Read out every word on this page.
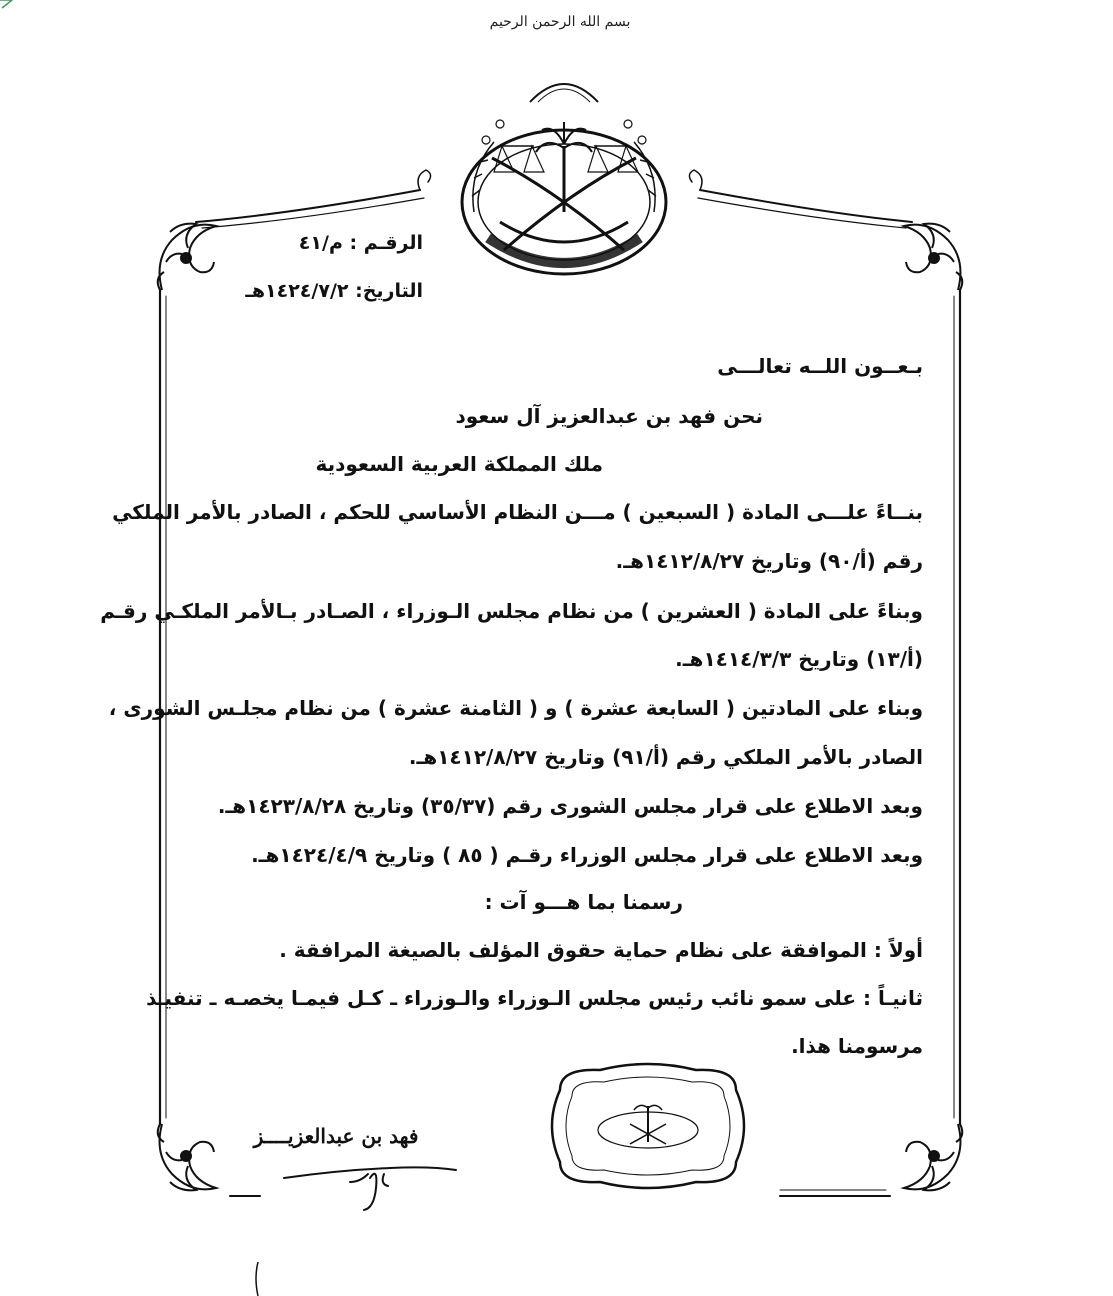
بسم الله الرحمن الرحيم
الرقـم : م/٤١
التاريخ: ١٤٢٤/٧/٢هـ
بـعــون اللــه تعالـــى
نحن فهد بن عبدالعزيز آل سعود
ملك المملكة العربية السعودية
بنــاءً علـــى المادة ( السبعين ) مـــن النظام الأساسي للحكم ، الصادر بالأمر الملكي
رقم (أ/٩٠) وتاريخ ١٤١٢/٨/٢٧هـ.
وبناءً على المادة ( العشرين ) من نظام مجلس الـوزراء ، الصـادر بـالأمر الملكـي رقـم
(أ/١٣) وتاريخ ١٤١٤/٣/٣هـ.
وبناء على المادتين ( السابعة عشرة ) و ( الثامنة عشرة ) من نظام مجلـس الشورى ،
الصادر بالأمر الملكي رقم (أ/٩١) وتاريخ ١٤١٢/٨/٢٧هـ.
وبعد الاطلاع على قرار مجلس الشورى رقم (٣٥/٣٧) وتاريخ ١٤٢٣/٨/٢٨هـ.
وبعد الاطلاع على قرار مجلس الوزراء رقـم ( ٨٥ ) وتاريخ ١٤٢٤/٤/٩هـ.
رسمنا بما هـــو آت :
أولاً : الموافقة على نظام حماية حقوق المؤلف بالصيغة المرافقة .
ثانيـاً : على سمو نائب رئيس مجلس الـوزراء والـوزراء ـ كـل فيمـا يخصـه ـ تنفيـذ
مرسومنا هذا.
فهد بن عبدالعزيــــز
